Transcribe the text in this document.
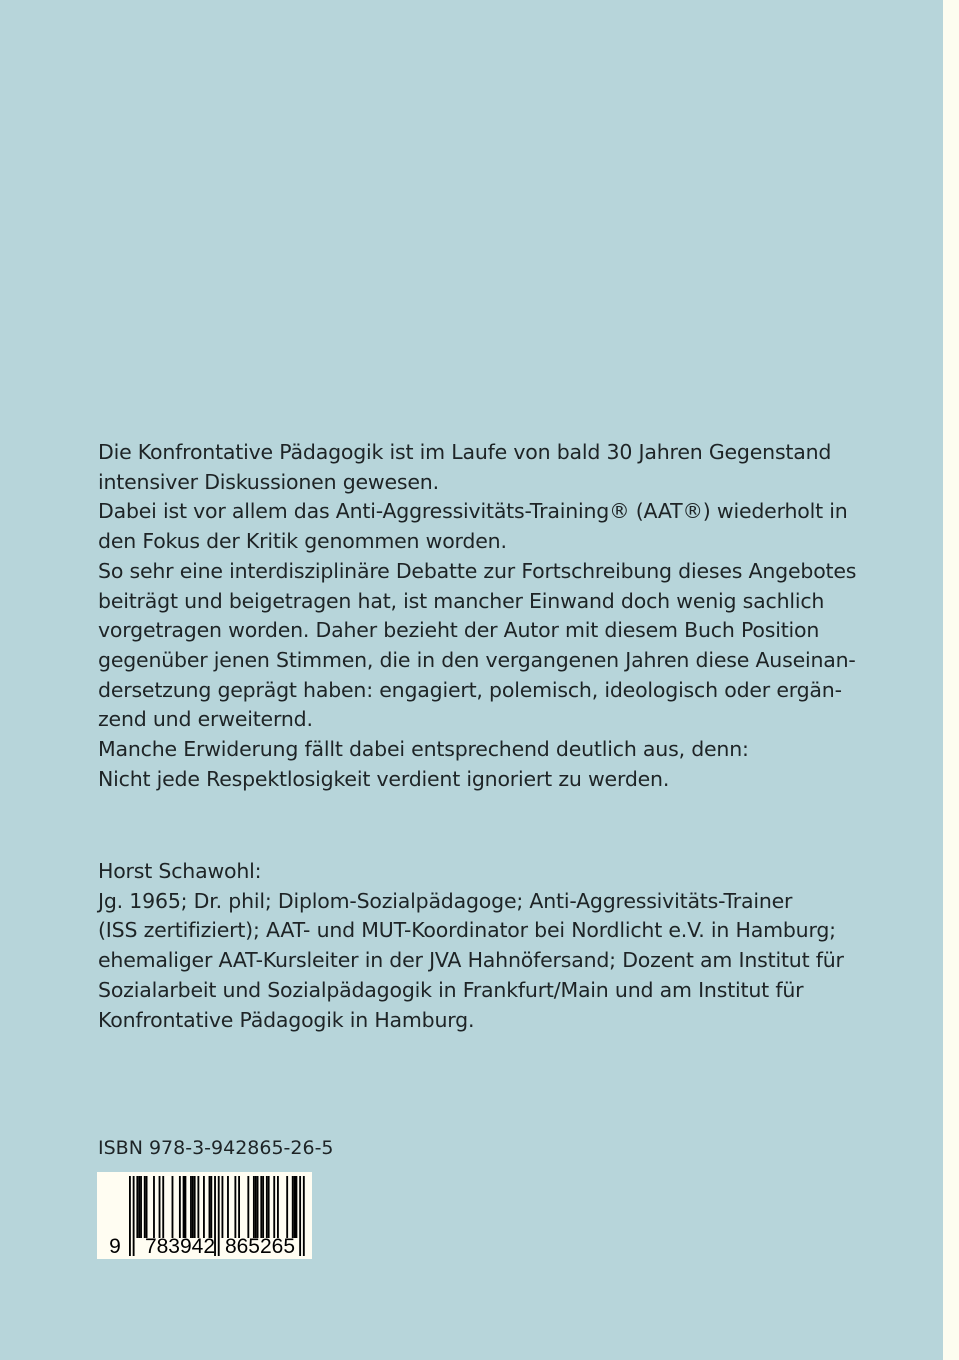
Die Konfrontative Pädagogik ist im Laufe von bald 30 Jahren Gegenstand
intensiver Diskussionen gewesen.
Dabei ist vor allem das Anti-Aggressivitäts-Training® (AAT®) wiederholt in
den Fokus der Kritik genommen worden.
So sehr eine interdisziplinäre Debatte zur Fortschreibung dieses Angebotes
beiträgt und beigetragen hat, ist mancher Einwand doch wenig sachlich
vorgetragen worden. Daher bezieht der Autor mit diesem Buch Position
gegenüber jenen Stimmen, die in den vergangenen Jahren diese Auseinan-
dersetzung geprägt haben: engagiert, polemisch, ideologisch oder ergän-
zend und erweiternd.
Manche Erwiderung fällt dabei entsprechend deutlich aus, denn:
Nicht jede Respektlosigkeit verdient ignoriert zu werden.
Horst Schawohl:
Jg. 1965; Dr. phil; Diplom-Sozialpädagoge; Anti-Aggressivitäts-Trainer
(ISS zertifiziert); AAT- und MUT-Koordinator bei Nordlicht e.V. in Hamburg;
ehemaliger AAT-Kursleiter in der JVA Hahnöfersand; Dozent am Institut für
Sozialarbeit und Sozialpädagogik in Frankfurt/Main und am Institut für
Konfrontative Pädagogik in Hamburg.
ISBN 978-3-942865-26-5
9 783942 865265
